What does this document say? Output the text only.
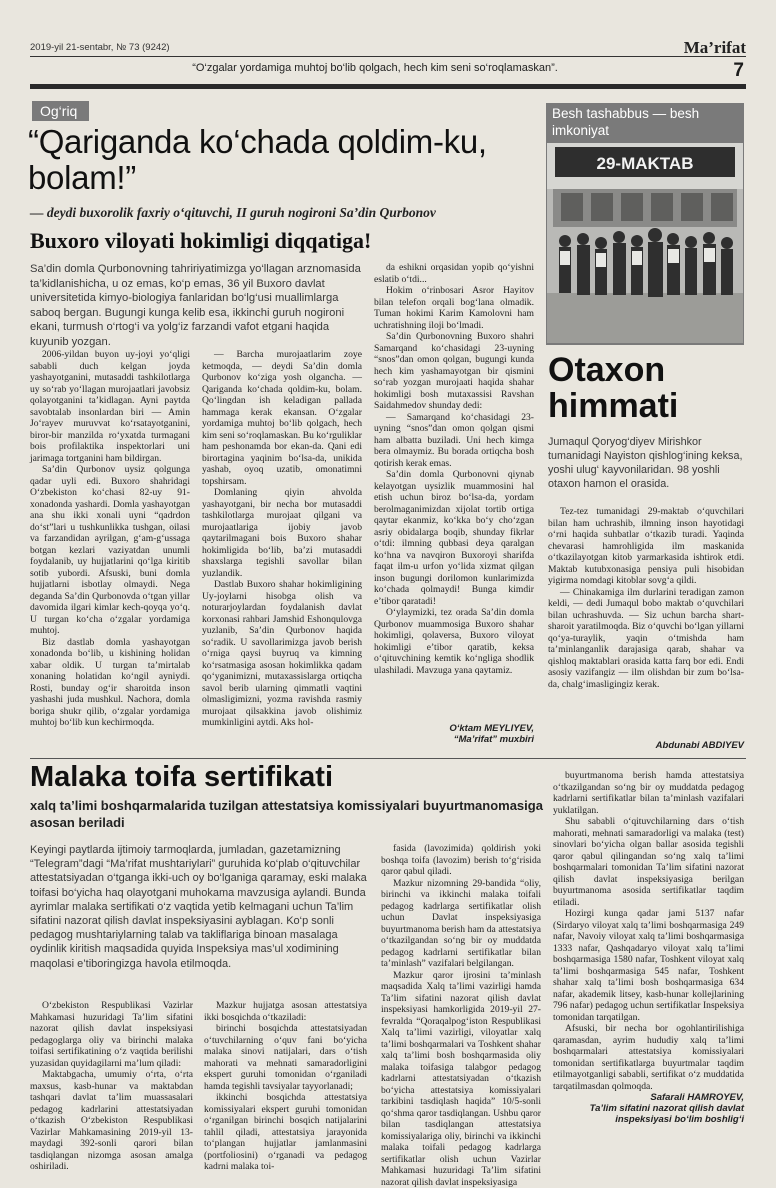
2019-yil 21-sentabr, № 73 (9242)	Ma’rifat
“O‘zgalar yordamiga muhtoj bo‘lib qolgach, hech kim seni so‘roqlamaskan”.	7
Og‘riq
“Qariganda ko‘chada qoldim-ku, bolam!”
— deydi buxorolik faxriy o‘qituvchi, II guruh nogironi Sa’din Qurbonov
Buxoro viloyati hokimligi diqqatiga!
Sa’din domla Qurbonovning tahririyatimizga yo‘llagan arznomasida ta’kidlanishicha, u oz emas, ko‘p emas, 36 yil Buxoro davlat universitetida kimyo-biologiya fanlaridan bo‘lg‘usi muallimlarga saboq bergan. Bugungi kunga kelib esa, ikkinchi guruh nogironi ekani, turmush o‘rtog‘i va yolg‘iz farzandi vafot etgani haqida kuyunib yozgan.

2006-yildan buyon uy-joyi yo‘qligi sababli duch kelgan joyda yashayotganini, mutasaddi tashkilotlarga uy so‘rab yo‘llagan murojaatlari javobsiz qolayotganini ta’kidlagan. Ayni paytda savobtalab insonlardan biri — Amin Jo‘rayev muruvvat ko‘rsatayotganini, biror-bir manzilda ro‘yxatda turmagani bois profilaktika inspektorlari uni jarimaga tortganini ham bildirgan.

Sa’din Qurbonov uysiz qolgunga qadar uyli edi. Buxoro shahridagi O‘zbekiston ko‘chasi 82-uy 91-xonadonda yashardi. Domla yashayotgan ana shu ikki xonali uyni “qadrdon do‘st”lari u tushkunlikka tushgan, oilasi va farzandidan ayrilgan, g‘am-g‘ussaga botgan kezlari vaziyatdan unumli foydalanib, uy hujjatlarini qo‘lga kiritib sotib yubordi. Afsuski, buni domla hujjatlarni isbotlay olmaydi. Nega deganda Sa’din Qurbonovda o‘tgan yillar davomida ilgari kimlar kech-qoyqa yo‘q. U turgan ko‘cha o‘zgalar yordamiga muhtoj.

Biz dastlab domla yashayotgan xonadonda bo‘lib, u kishining holidan xabar oldik. U turgan ta’mirtalab xonaning holatidan ko‘ngil ayniydi. Rosti, bunday og‘ir sharoitda inson yashashi juda mushkul. Nachora, domla boriga shukr qilib, o‘zgalar yordamiga muhtoj bo‘lib kun kechirmoqda.

— Barcha murojaatlarim zoye ketmoqda, — deydi Sa’din domla Qurbonov ko‘ziga yosh olgancha. — Qariganda ko‘chada qoldim-ku, bolam. Qo‘lingdan ish keladigan pallada hammaga kerak ekansan. O‘zgalar yordamiga muhtoj bo‘lib qolgach, hech kim seni so‘roqlamaskan. Bu ko‘rguliklar ham peshonamda bor ekan-da. Qani edi birortagina yaqinim bo‘lsa-da, unikida yashab, oyoq uzatib, omonatimni topshirsam.

Domlaning qiyin ahvolda yashayotgani, bir necha bor mutasaddi tashkilotlarga murojaat qilgani va murojaatlariga ijobiy javob qaytarilmagani bois Buxoro shahar hokimligida bo‘lib, ba’zi mutasaddi shaxslarga tegishli savollar bilan yuzlandik.

Dastlab Buxoro shahar hokimligining Uy-joylarni hisobga olish va noturarjoylardan foydalanish davlat korxonasi rahbari Jamshid Eshonqulovga yuzlanib, Sa’din Qurbonov haqida so‘radik. U savollarimizga javob berish o‘rniga qaysi buyruq va kimning ko‘rsatmasiga asosan hokimlikka qadam qo‘yganimizni, mutaxassislarga ortiqcha savol berib ularning qimmatli vaqtini olmasligimizni, yozma ravishda rasmiy murojaat qilsakkina javob olishimiz mumkinligini aytdi. Aks hol-

da eshikni orqasidan yopib qo‘yishni eslatib o‘tdi...

Hokim o‘rinbosari Asror Hayitov bilan telefon orqali bog‘lana olmadik. Tuman hokimi Karim Kamolovni ham uchratishning iloji bo‘lmadi.

Sa’din Qurbonovning Buxoro shahri Samarqand ko‘chasidagi 23-uyning “snos”dan omon qolgan, bugungi kunda hech kim yashamayotgan bir qismini so‘rab yozgan murojaati haqida shahar hokimligi bosh mutaxassisi Ravshan Saidahmedov shunday dedi:

— Samarqand ko‘chasidagi 23-uyning “snos”dan omon qolgan qismi ham albatta buziladi. Uni hech kimga bera olmaymiz. Bu borada ortiqcha bosh qotirish kerak emas.

Sa’din domla Qurbonovni qiynab kelayotgan uysizlik muammosini hal etish uchun biroz bo‘lsa-da, yordam berolmaganimizdan xijolat tortib ortiga qaytar ekanmiz, ko‘kka bo‘y cho‘zgan asriy obidalarga boqib, shunday fikrlar o‘tdi: ilmning qubbasi deya qaralgan ko‘hna va navqiron Buxoroyi sharifda faqat ilm-u urfon yo‘lida xizmat qilgan inson bugungi dorilomon kunlarimizda ko‘chada qolmaydi! Bunga kimdir e’tibor qaratadi!

O‘ylaymizki, tez orada Sa’din domla Qurbonov muammosiga Buxoro shahar hokimligi, qolaversa, Buxoro viloyat hokimligi e’tibor qaratib, keksa o‘qituvchining kemtik ko‘ngliga shodlik ulashiladi. Mavzuga yana qaytamiz.

O‘ktam MEYLIYEV,
“Ma’rifat” muxbiri
Besh tashabbus — besh imkoniyat
29-MAKTAB
Otaxon himmati
Jumaqul Qoryog‘diyev Mirishkor tumanidagi Nayiston qishlog‘ining keksa, yoshi ulug‘ kayvonilaridan. 98 yoshli otaxon hamon el orasida.

Tez-tez tumanidagi 29-maktab o‘quvchilari bilan ham uchrashib, ilmning inson hayotidagi o‘rni haqida suhbatlar o‘tkazib turadi. Yaqinda chevarasi hamrohligida ilm maskanida o‘tkazilayotgan kitob yarmarkasida ishtirok etdi. Maktab kutubxonasiga pensiya puli hisobidan yigirma nomdagi kitoblar sovg‘a qildi.

— Chinakamiga ilm durlarini teradigan zamon keldi, — dedi Jumaqul bobo maktab o‘quvchilari bilan uchrashuvda. — Siz uchun barcha shart-sharoit yaratilmoqda. Biz o‘quvchi bo‘lgan yillarni qo‘ya-turaylik, yaqin o‘tmishda ham ta’minlanganlik darajasiga qarab, shahar va qishloq maktablari orasida katta farq bor edi. Endi asosiy vazifangiz — ilm olishdan bir zum bo‘lsa-da, chalg‘imasligingiz kerak.

Abdunabi ABDIYEV
Malaka toifa sertifikati
xalq ta’limi boshqarmalarida tuzilgan attestatsiya komissiyalari buyurtmanomasiga asosan beriladi
Keyingi paytlarda ijtimoiy tarmoqlarda, jumladan, gazetamizning “Telegram”dagi “Ma’rifat mushtariylari” guruhida ko‘plab o‘qituvchilar attestatsiyadan o‘tganga ikki-uch oy bo‘lganiga qaramay, eski malaka toifasi bo‘yicha haq olayotgani muhokama mavzusiga aylandi. Bunda ayrimlar malaka sertifikati o‘z vaqtida yetib kelmagani uchun Ta’lim sifatini nazorat qilish davlat inspeksiyasini ayblagan. Ko‘p sonli pedagog mushtariylarning talab va takliflariga binoan masalaga oydinlik kiritish maqsadida quyida Inspeksiya mas’ul xodimining maqolasi e’tiboringizga havola etilmoqda.

O‘zbekiston Respublikasi Vazirlar Mahkamasi huzuridagi Ta’lim sifatini nazorat qilish davlat inspeksiyasi pedagoglarga oliy va birinchi malaka toifasi sertifikatining o‘z vaqtida berilishi yuzasidan quyidagilarni ma’lum qiladi:

Maktabgacha, umumiy o‘rta, o‘rta maxsus, kasb-hunar va maktabdan tashqari davlat ta’lim muassasalari pedagog kadrlarini attestatsiyadan o‘tkazish O‘zbekiston Respublikasi Vazirlar Mahkamasining 2019-yil 13-maydagi 392-sonli qarori bilan tasdiqlangan nizomga asosan amalga oshiriladi.

Mazkur hujjatga asosan attestatsiya ikki bosqichda o‘tkaziladi:

birinchi bosqichda attestatsiyadan o‘tuvchilarning o‘quv fani bo‘yicha malaka sinovi natijalari, dars o‘tish mahorati va mehnati samaradorligini ekspert guruhi tomonidan o‘rganiladi hamda tegishli tavsiyalar tayyorlanadi;

ikkinchi bosqichda attestatsiya komissiyalari ekspert guruhi tomonidan o‘rganilgan birinchi bosqich natijalarini tahlil qiladi, attestatsiya jarayonida to‘plangan hujjatlar jamlanmasini (portfoliosini) o‘rganadi va pedagog kadrni malaka toi-

fasida (lavozimida) qoldirish yoki boshqa toifa (lavozim) berish to‘g‘risida qaror qabul qiladi.

Mazkur nizomning 29-bandida “oliy, birinchi va ikkinchi malaka toifali pedagog kadrlarga sertifikatlar olish uchun Davlat inspeksiyasiga buyurtmanoma berish ham da attestatsiya o‘tkazilgandan so‘ng bir oy muddatda pedagog kadrlarni sertifikatlar bilan ta’minlash” vazifalari belgilangan.

Mazkur qaror ijrosini ta’minlash maqsadida Xalq ta’limi vazirligi hamda Ta’lim sifatini nazorat qilish davlat inspeksiyasi hamkorligida 2019-yil 27-fevralda “Qoraqalpog‘iston Respublikasi Xalq ta’limi vazirligi, viloyatlar xalq ta’limi boshqarmalari va Toshkent shahar xalq ta’limi bosh boshqarmasida oliy malaka toifasiga talabgor pedagog kadrlarni attestatsiyadan o‘tkazish bo‘yicha attestatsiya komissiyalari tarkibini tasdiqlash haqida” 10/5-sonli qo‘shma qaror tasdiqlangan. Ushbu qaror bilan tasdiqlangan attestatsiya komissiyalariga oliy, birinchi va ikkinchi malaka toifali pedagog kadrlarga sertifikatlar olish uchun Vazirlar Mahkamasi huzuridagi Ta’lim sifatini nazorat qilish davlat inspeksiyasiga

buyurtmanoma berish hamda attestatsiya o‘tkazilgandan so‘ng bir oy muddatda pedagog kadrlarni sertifikatlar bilan ta’minlash vazifalari yuklatilgan.

Shu sababli o‘qituvchilarning dars o‘tish mahorati, mehnati samaradorligi va malaka (test) sinovlari bo‘yicha olgan ballar asosida tegishli qaror qabul qilingandan so‘ng xalq ta’limi boshqarmalari tomonidan Ta’lim sifatini nazorat qilish davlat inspeksiyasiga berilgan buyurtmanoma asosida sertifikatlar taqdim etiladi.

Hozirgi kunga qadar jami 5137 nafar (Sirdaryo viloyat xalq ta’limi boshqarmasiga 249 nafar, Navoiy viloyat xalq ta’limi boshqarmasiga 1333 nafar, Qashqadaryo viloyat xalq ta’limi boshqarmasiga 1580 nafar, Toshkent viloyat xalq ta’limi boshqarmasiga 545 nafar, Toshkent shahar xalq ta’limi bosh boshqarmasiga 634 nafar, akademik litsey, kasb-hunar kollejlarining 796 nafar) pedagog uchun sertifikatlar Inspeksiya tomonidan tarqatilgan.

Afsuski, bir necha bor ogohlantirilishiga qaramasdan, ayrim hududiy xalq ta’limi boshqarmalari attestatsiya komissiyalari tomonidan sertifikatlarga buyurtmalar taqdim etilmayotganligi sababli, sertifikat o‘z muddatida tarqatilmasdan qolmoqda.

Safarali HAMROYEV,
Ta’lim sifatini nazorat qilish davlat inspeksiyasi bo‘lim boshlig‘i
